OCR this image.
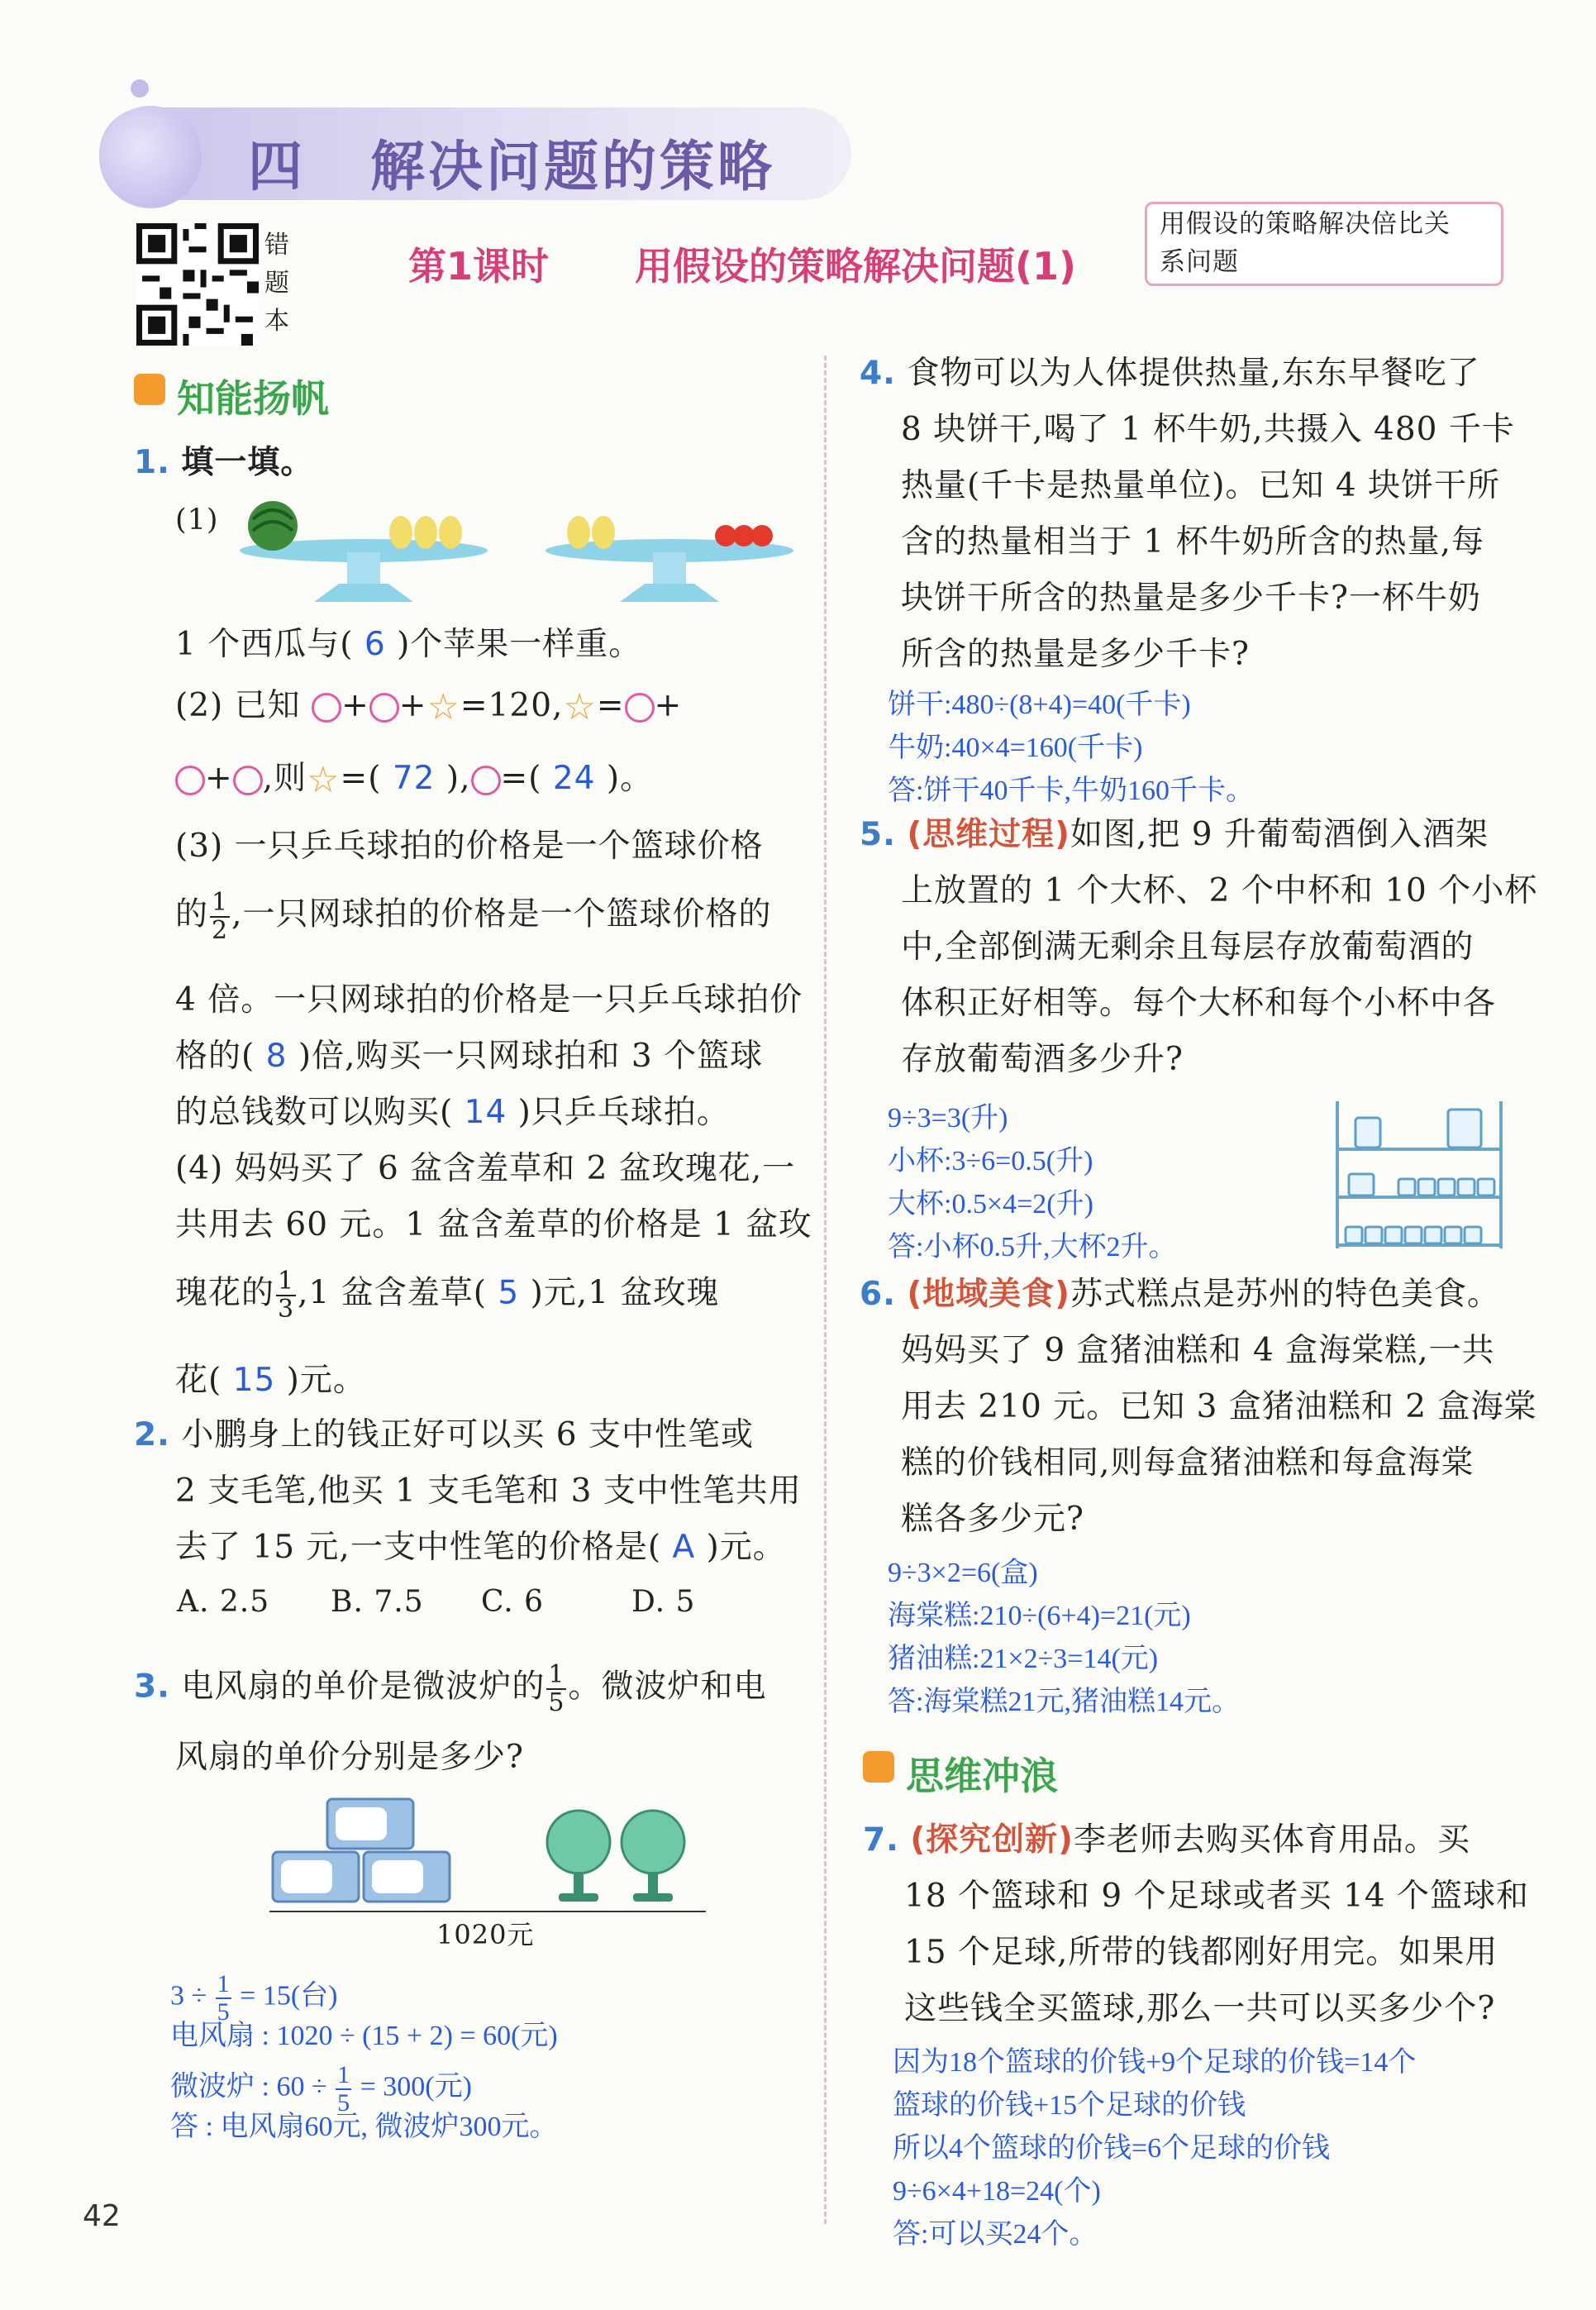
四 解决问题的策略
错
题
本
第1课时 用假设的策略解决问题(1)
用假设的策略解决倍比关
系问题
知能扬帆
1. 填一填。
(1)
1 个西瓜与( 6 )个苹果一样重。
(2) 已知 + +☆=120,☆= +
+ ,则☆=( 72 ), =( 24 )。
(3) 一只乒乓球拍的价格是一个篮球价格
的 $\frac{1}{2}$ ,一只网球拍的价格是一个篮球价格的
4 倍。一只网球拍的价格是一只乒乓球拍价
格的( 8 )倍,购买一只网球拍和 3 个篮球
的总钱数可以购买( 14 )只乒乓球拍。
(4) 妈妈买了 6 盆含羞草和 2 盆玫瑰花,一
共用去 60 元。1 盆含羞草的价格是 1 盆玫
瑰花的 $\frac{1}{3} ,1$ 盆含羞草( 5 )元,1 盆玫瑰
花( 15 )元。
2. 小鹏身上的钱正好可以买 6 支中性笔或
2 支毛笔,他买 1 支毛笔和 3 支中性笔共用
去了 15 元,一支中性笔的价格是( A )元。
A. 2.5 B. 7.5 C. 6	D. 5
3. 电风扇的单价是微波炉的 $\frac{1}{5}$ 。微波炉和电
风扇的单价分别是多少?
1020元
$3 \div \frac{1}{5} = 15$(台)
电风扇 : 1020 ÷ (15 + 2) = 60(元)
微波炉 : $60 \div \frac{1}{5} = 300$(元)
答 : 电风扇60元, 微波炉300元。
42
4. 食物可以为人体提供热量,东东早餐吃了
8 块饼干,喝了 1 杯牛奶,共摄入 480 千卡
热量(千卡是热量单位)。已知 4 块饼干所
含的热量相当于 1 杯牛奶所含的热量,每
块饼干所含的热量是多少千卡?一杯牛奶
所含的热量是多少千卡?
饼干:480÷(8+4)=40(千卡)
牛奶:40×4=160(千卡)
答:饼干40千卡,牛奶160千卡。
5. (思维过程)如图,把 9 升葡萄酒倒入酒架
上放置的 1 个大杯、2 个中杯和 10 个小杯
中,全部倒满无剩余且每层存放葡萄酒的
体积正好相等。每个大杯和每个小杯中各
存放葡萄酒多少升?
9÷3=3(升)
小杯:3÷6=0.5(升)
大杯:0.5×4=2(升)
答:小杯0.5升,大杯2升。
6. (地域美食)苏式糕点是苏州的特色美食。
妈妈买了 9 盒猪油糕和 4 盒海棠糕,一共
用去 210 元。已知 3 盒猪油糕和 2 盒海棠
糕的价钱相同,则每盒猪油糕和每盒海棠
糕各多少元?
9÷3×2=6(盒)
海棠糕:210÷(6+4)=21(元)
猪油糕:21×2÷3=14(元)
答:海棠糕21元,猪油糕14元。
思维冲浪
7. (探究创新)李老师去购买体育用品。买
18 个篮球和 9 个足球或者买 14 个篮球和
15 个足球,所带的钱都刚好用完。如果用
这些钱全买篮球,那么一共可以买多少个?
因为18个篮球的价钱+9个足球的价钱=14个
篮球的价钱+15个足球的价钱
所以4个篮球的价钱=6个足球的价钱
9÷6×4+18=24(个)
答:可以买24个。
